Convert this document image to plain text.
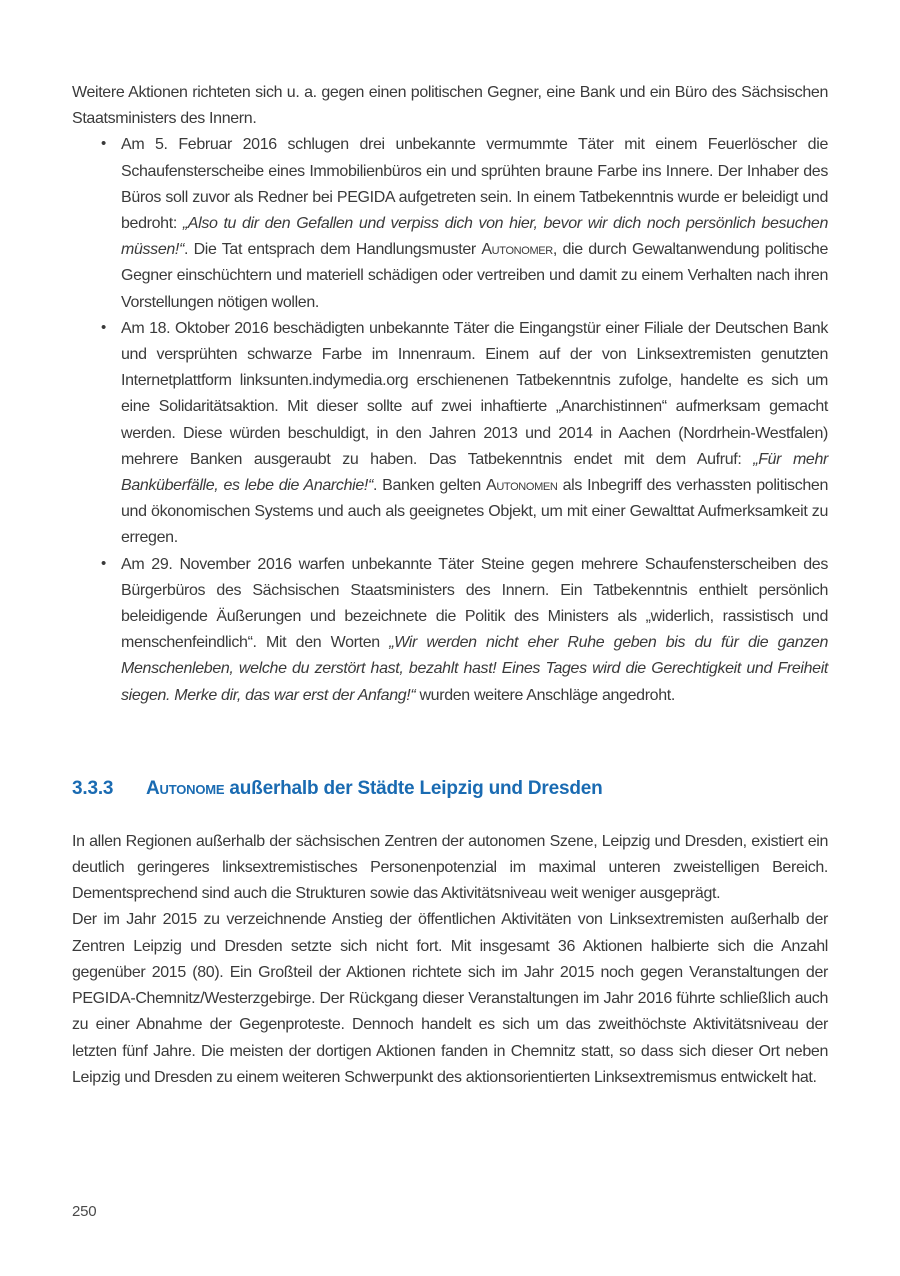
Weitere Aktionen richteten sich u. a. gegen einen politischen Gegner, eine Bank und ein Büro des Sächsischen Staatsministers des Innern.

• Am 5. Februar 2016 schlugen drei unbekannte vermummte Täter mit einem Feuerlöscher die Schaufensterscheibe eines Immobilienbüros ein und sprühten braune Farbe ins Innere. Der Inhaber des Büros soll zuvor als Redner bei PEGIDA aufgetreten sein. In einem Tatbekenntnis wurde er beleidigt und bedroht: „Also tu dir den Gefallen und verpiss dich von hier, bevor wir dich noch persönlich besuchen müssen!“. Die Tat entsprach dem Handlungsmuster Autonomer, die durch Gewaltanwendung politische Gegner einschüchtern und materiell schädigen oder vertreiben und damit zu einem Verhalten nach ihren Vorstellungen nötigen wollen.
• Am 18. Oktober 2016 beschädigten unbekannte Täter die Eingangstür einer Filiale der Deutschen Bank und versprühten schwarze Farbe im Innenraum. Einem auf der von Linksextremisten genutzten Internetplattform linksunten.indymedia.org erschienenen Tatbekenntnis zufolge, handelte es sich um eine Solidaritätsaktion. Mit dieser sollte auf zwei inhaftierte „Anarchistinnen“ aufmerksam gemacht werden. Diese würden beschuldigt, in den Jahren 2013 und 2014 in Aachen (Nordrhein-Westfalen) mehrere Banken ausgeraubt zu haben. Das Tatbekenntnis endet mit dem Aufruf: „Für mehr Banküberfälle, es lebe die Anarchie!“. Banken gelten Autonomen als Inbegriff des verhassten politischen und ökonomischen Systems und auch als geeignetes Objekt, um mit einer Gewalttat Aufmerksamkeit zu erregen.
• Am 29. November 2016 warfen unbekannte Täter Steine gegen mehrere Schaufensterscheiben des Bürgerbüros des Sächsischen Staatsministers des Innern. Ein Tatbekenntnis enthielt persönlich beleidigende Äußerungen und bezeichnete die Politik des Ministers als „widerlich, rassistisch und menschenfeindlich“. Mit den Worten „Wir werden nicht eher Ruhe geben bis du für die ganzen Menschenleben, welche du zerstört hast, bezahlt hast! Eines Tages wird die Gerechtigkeit und Freiheit siegen. Merke dir, das war erst der Anfang!“ wurden weitere Anschläge angedroht.
3.3.3	Autonome außerhalb der Städte Leipzig und Dresden

In allen Regionen außerhalb der sächsischen Zentren der autonomen Szene, Leipzig und Dresden, existiert ein deutlich geringeres linksextremistisches Personenpotenzial im maximal unteren zweistelligen Bereich. Dementsprechend sind auch die Strukturen sowie das Aktivitätsniveau weit weniger ausgeprägt.

Der im Jahr 2015 zu verzeichnende Anstieg der öffentlichen Aktivitäten von Linksextremisten außerhalb der Zentren Leipzig und Dresden setzte sich nicht fort. Mit insgesamt 36 Aktionen halbierte sich die Anzahl gegenüber 2015 (80). Ein Großteil der Aktionen richtete sich im Jahr 2015 noch gegen Veranstaltungen der PEGIDA-Chemnitz/Westerzgebirge. Der Rückgang dieser Veranstaltungen im Jahr 2016 führte schließlich auch zu einer Abnahme der Gegenproteste. Dennoch handelt es sich um das zweithöchste Aktivitätsniveau der letzten fünf Jahre. Die meisten der dortigen Aktionen fanden in Chemnitz statt, so dass sich dieser Ort neben Leipzig und Dresden zu einem weiteren Schwerpunkt des aktionsorientierten Linksextremismus entwickelt hat.

250
